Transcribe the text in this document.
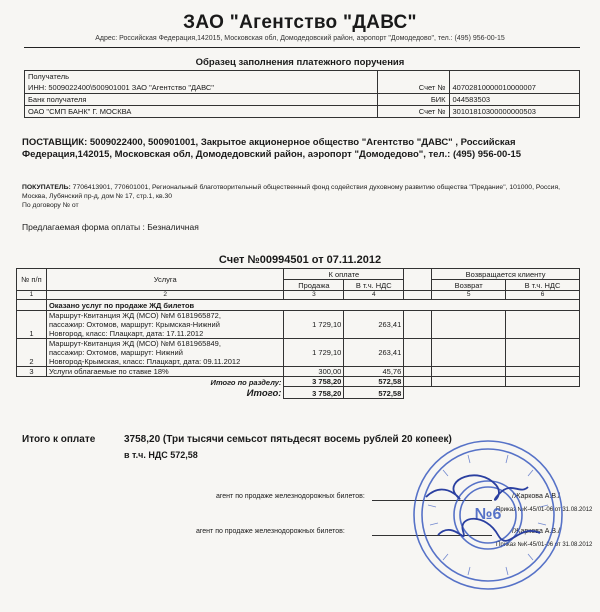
ЗАО "Агентство "ДАВС"
Адрес: Российская Федерация,142015, Московская обл, Домодедовский район, аэропорт "Домодедово", тел.: (495) 956-00-15
Образец заполнения платежного поручения
Получатель		
ИНН: 5009022400\500901001 ЗАО "Агентство "ДАВС"	Счет №	40702810000010000007
Банк получателя	БИК	044583503
ОАО "СМП БАНК" Г. МОСКВА	Счет №	30101810300000000503
ПОСТАВЩИК: 5009022400, 500901001, Закрытое акционерное общество "Агентство "ДАВС" , Российская Федерация,142015, Московская обл, Домодедовский район, аэропорт "Домодедово", тел.: (495) 956-00-15
ПОКУПАТЕЛЬ: 7706413901, 770601001, Региональный благотворительный общественный фонд содействия духовному развитию общества "Предание", 101000, Россия, Москва, Лубянский пр-д, дом № 17, стр.1, кв.30
По договору № от
Предлагаемая форма оплаты : Безналичная
Счет №00994501 от 07.11.2012
№ п/п	Услуга	К оплате			Возвращается клиенту	
		Продажа	В т.ч. НДС		Возврат	В т.ч. НДС
1	2	3	4		5	6
	Оказано услуг по продаже ЖД билетов					
1	Маршрут-Квитанция ЖД (МСО) №М 6181965872,
пассажир: Охтомов, маршрут: Крымская-Нижний
Новгород, класс: Плацкарт, дата: 17.11.2012	1 729,10	263,41			
2	Маршрут-Квитанция ЖД (МСО) №М 6181965849,
пассажир: Охтомов, маршрут: Нижний
Новгород-Крымская, класс: Плацкарт, дата: 09.11.2012	1 729,10	263,41			
3	Услуги облагаемые по ставке 18%	300,00	45,76			
	Итого по разделу:	3 758,20	572,58			
	Итого:	3 758,20	572,58			
Итого к оплате	3758,20 (Три тысячи семьсот пятьдесят восемь рублей 20 копеек)
в т.ч. НДС 572,58
агент по продаже железнодорожных билетов:	/Жаркова А.В./
Приказ №К-45/01-06 от 31.08.2012
агент по продаже железнодорожных билетов:	/Жаркова А.В./
Приказ №К-45/01-06 от 31.08.2012
№6
